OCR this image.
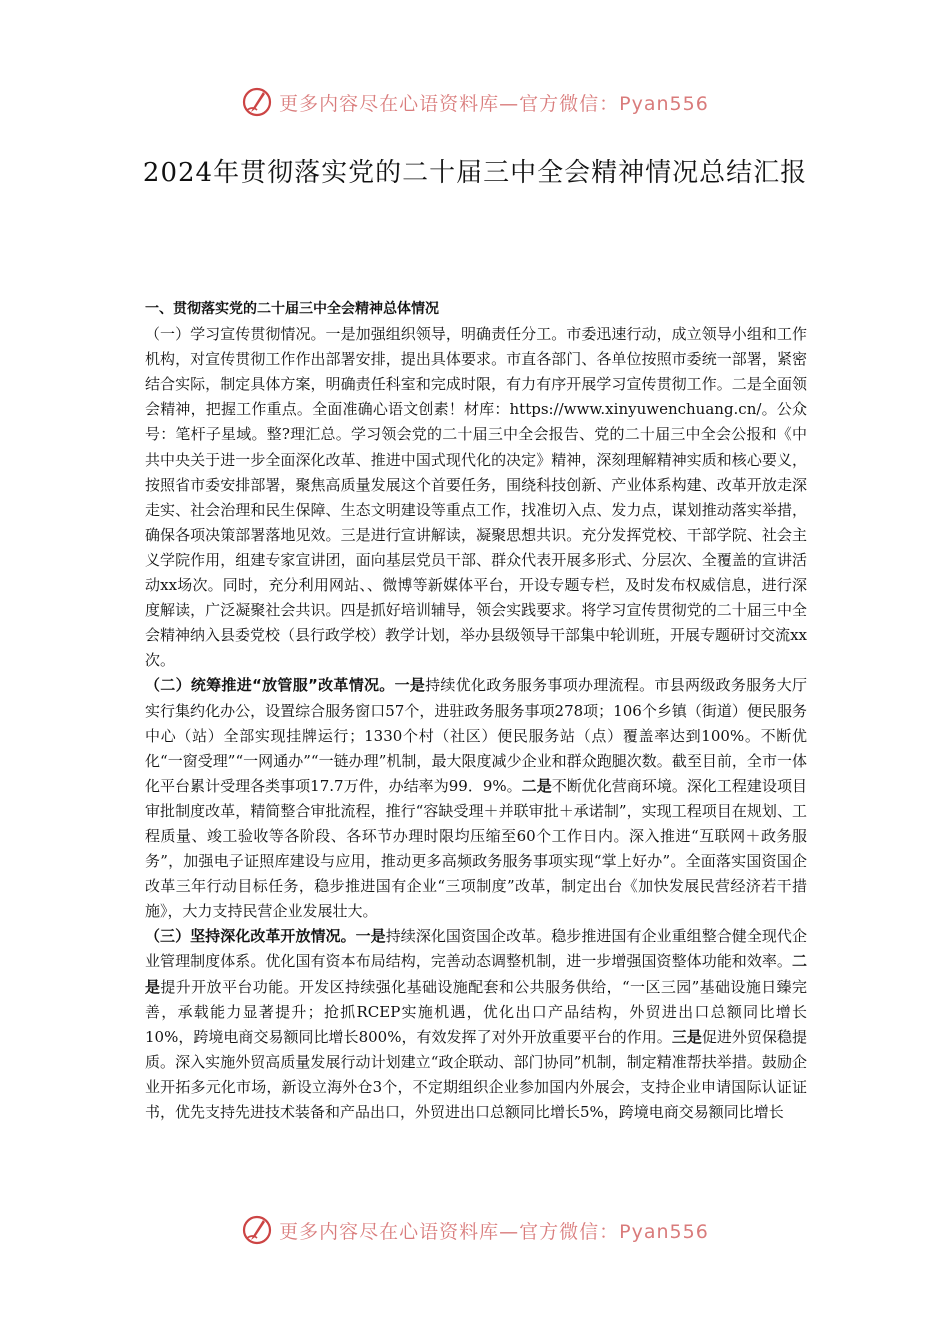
更多内容尽在心语资料库—官方微信：Pyan556
2024年贯彻落实党的二十届三中全会精神情况总结汇报

一、贯彻落实党的二十届三中全会精神总体情况

（一）学习宣传贯彻情况。一是加强组织领导，明确责任分工。市委迅速行动，成立领导小组和工作机构，对宣传贯彻工作作出部署安排，提出具体要求。市直各部门、各单位按照市委统一部署，紧密结合实际，制定具体方案，明确责任科室和完成时限，有力有序开展学习宣传贯彻工作。二是全面领会精神，把握工作重点。全面准确心语文创素！材库：https://www.xinyuwenchuang.cn/。公众号：笔杆子星域。整?理汇总。学习领会党的二十届三中全会报告、党的二十届三中全会公报和《中共中央关于进一步全面深化改革、推进中国式现代化的决定》精神，深刻理解精神实质和核心要义，按照省市委安排部署，聚焦高质量发展这个首要任务，围绕科技创新、产业体系构建、改革开放走深走实、社会治理和民生保障、生态文明建设等重点工作，找准切入点、发力点，谋划推动落实举措，确保各项决策部署落地见效。三是进行宣讲解读，凝聚思想共识。充分发挥党校、干部学院、社会主义学院作用，组建专家宣讲团，面向基层党员干部、群众代表开展多形式、分层次、全覆盖的宣讲活动xx场次。同时，充分利用网站、、微博等新媒体平台，开设专题专栏，及时发布权威信息，进行深度解读，广泛凝聚社会共识。四是抓好培训辅导，领会实践要求。将学习宣传贯彻党的二十届三中全会精神纳入县委党校（县行政学校）教学计划，举办县级领导干部集中轮训班，开展专题研讨交流xx次。

（二）统筹推进“放管服”改革情况。一是持续优化政务服务事项办理流程。市县两级政务服务大厅实行集约化办公，设置综合服务窗口57个，进驻政务服务事项278项；106个乡镇（街道）便民服务中心（站）全部实现挂牌运行；1330个村（社区）便民服务站（点）覆盖率达到100%。不断优化“一窗受理”“一网通办”“一链办理”机制，最大限度减少企业和群众跑腿次数。截至目前，全市一体化平台累计受理各类事项17.7万件，办结率为99．9%。二是不断优化营商环境。深化工程建设项目审批制度改革，精简整合审批流程，推行“容缺受理＋并联审批＋承诺制”，实现工程项目在规划、工程质量、竣工验收等各阶段、各环节办理时限均压缩至60个工作日内。深入推进“互联网＋政务服务”，加强电子证照库建设与应用，推动更多高频政务服务事项实现“掌上好办”。全面落实国资国企改革三年行动目标任务，稳步推进国有企业“三项制度”改革，制定出台《加快发展民营经济若干措施》，大力支持民营企业发展壮大。

（三）坚持深化改革开放情况。一是持续深化国资国企改革。稳步推进国有企业重组整合健全现代企业管理制度体系。优化国有资本布局结构，完善动态调整机制，进一步增强国资整体功能和效率。二是提升开放平台功能。开发区持续强化基础设施配套和公共服务供给，“一区三园”基础设施日臻完善，承载能力显著提升；抢抓RCEP实施机遇，优化出口产品结构，外贸进出口总额同比增长10%，跨境电商交易额同比增长800%，有效发挥了对外开放重要平台的作用。三是促进外贸保稳提质。深入实施外贸高质量发展行动计划建立“政企联动、部门协同”机制，制定精准帮扶举措。鼓励企业开拓多元化市场，新设立海外仓3个，不定期组织企业参加国内外展会，支持企业申请国际认证证书，优先支持先进技术装备和产品出口，外贸进出口总额同比增长5%，跨境电商交易额同比增长

更多内容尽在心语资料库—官方微信：Pyan556
